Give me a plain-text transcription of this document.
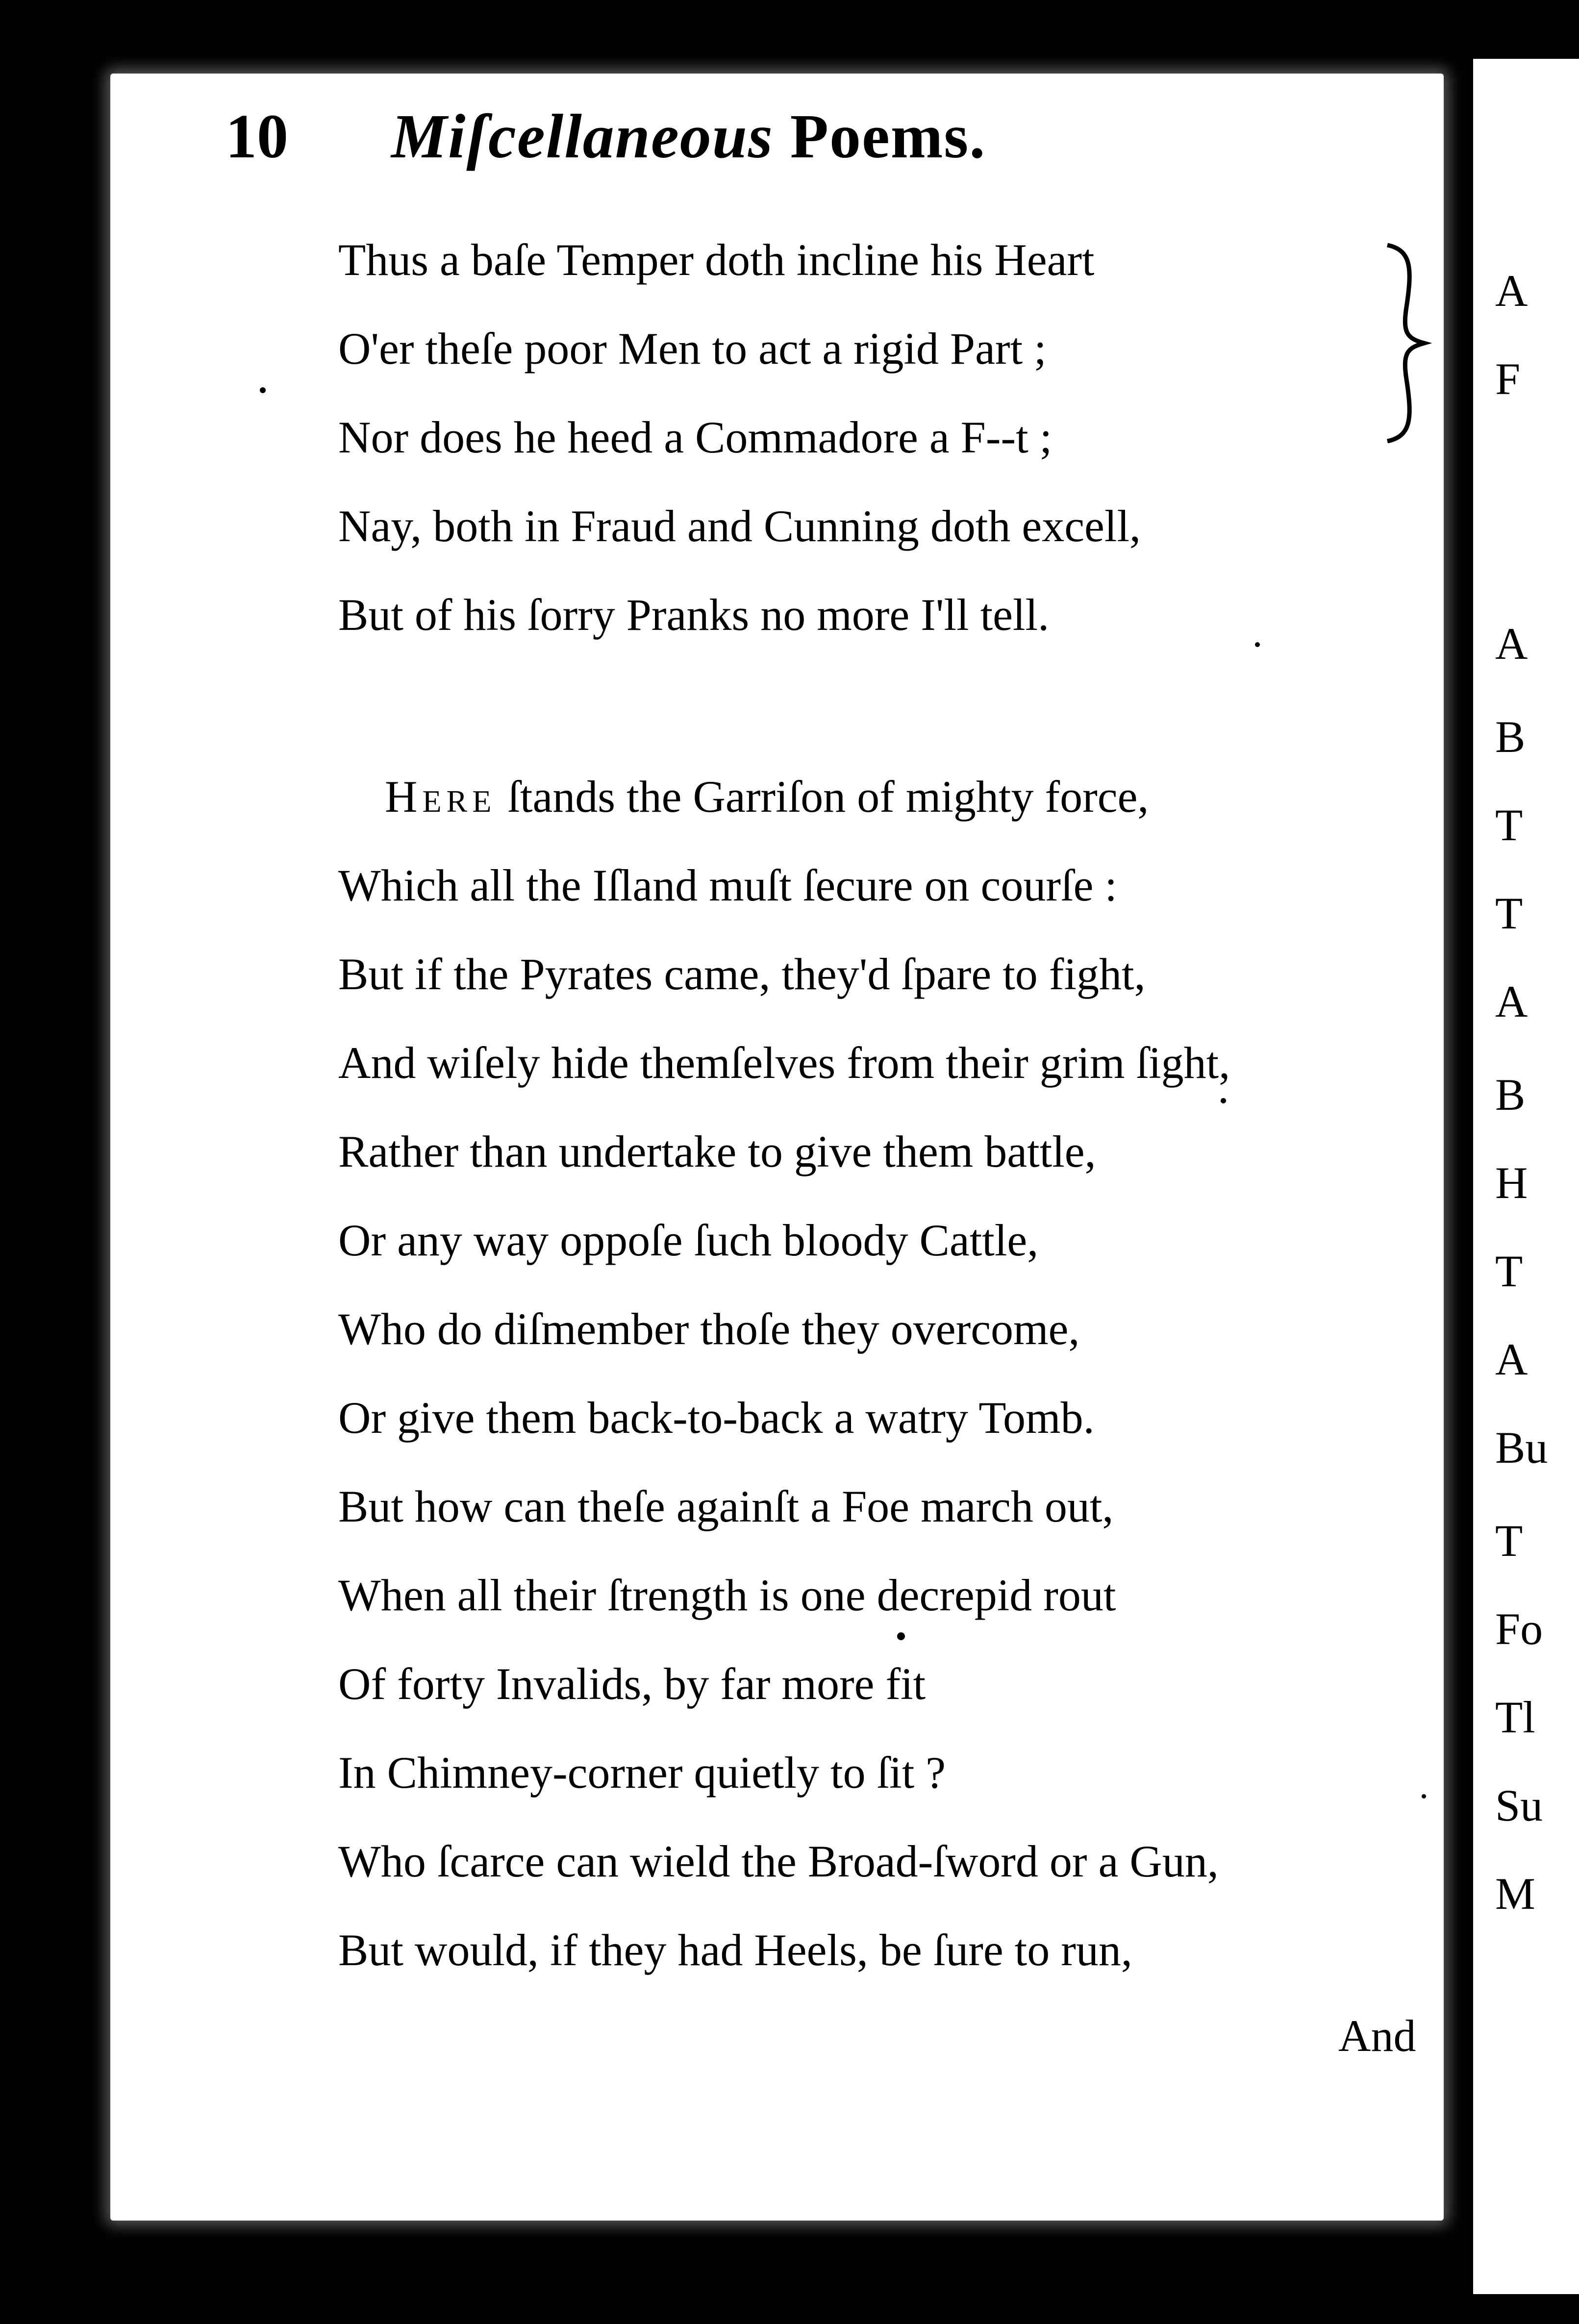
A
F
A
B
T
T
A
B
H
T
A
Bu
T
Fo
Tl
Su
M
10 Miſcellaneous Poems.
Thus a baſe Temper doth incline his Heart
O'er theſe poor Men to act a rigid Part ;
Nor does he heed a Commadore a F--t ;
Nay, both in Fraud and Cunning doth excell,
But of his ſorry Pranks no more I'll tell.
Here ſtands the Garriſon of mighty force,
Which all the Iſland muſt ſecure on courſe :
But if the Pyrates came, they'd ſpare to fight,
And wiſely hide themſelves from their grim ſight,
Rather than undertake to give them battle,
Or any way oppoſe ſuch bloody Cattle,
Who do diſmember thoſe they overcome,
Or give them back-to-back a watry Tomb.
But how can theſe againſt a Foe march out,
When all their ſtrength is one decrepid rout
Of forty Invalids, by far more fit
In Chimney-corner quietly to ſit ?
Who ſcarce can wield the Broad-ſword or a Gun,
But would, if they had Heels, be ſure to run,
And
